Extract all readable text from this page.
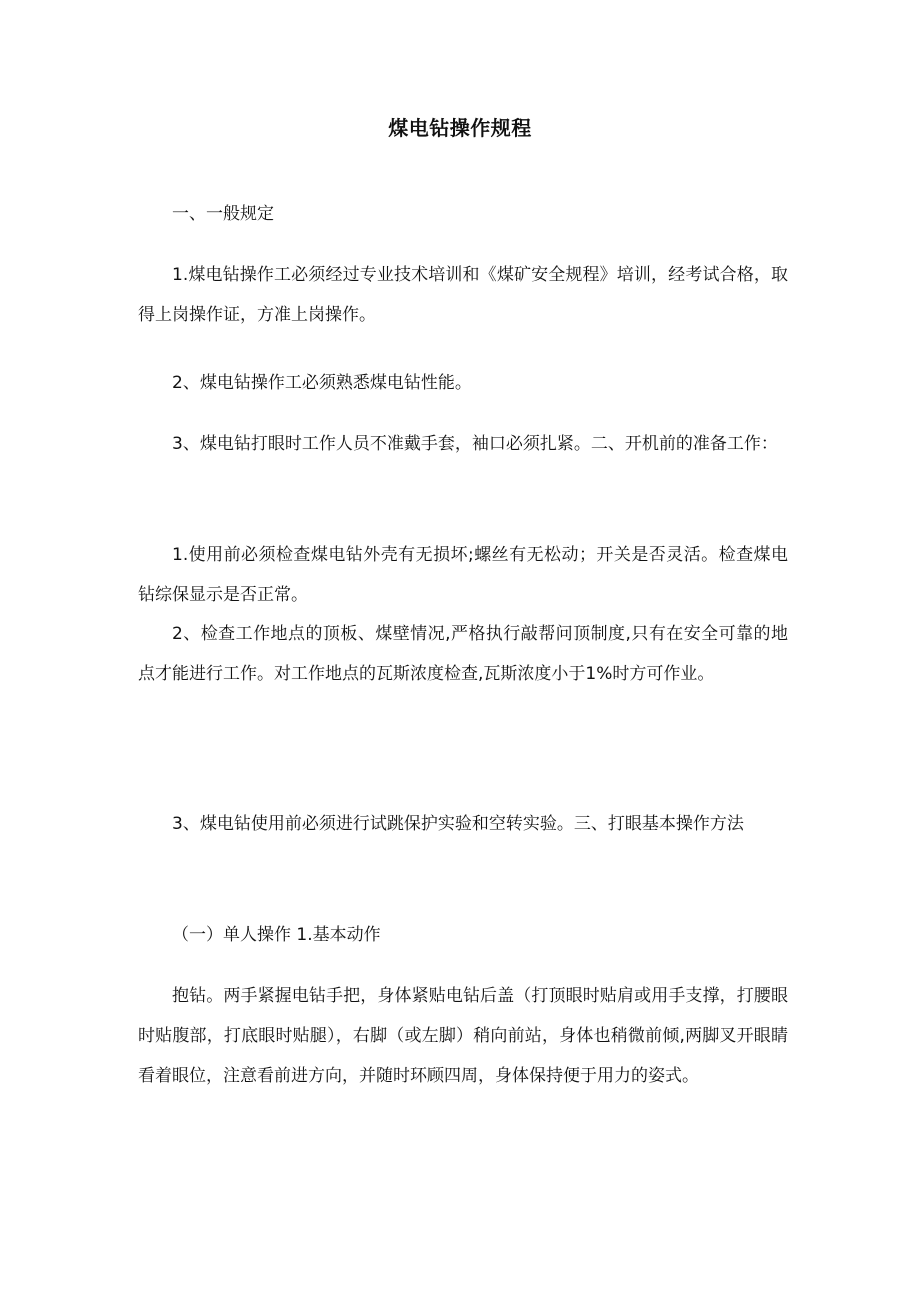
煤电钻操作规程

一、一般规定

1.煤电钻操作工必须经过专业技术培训和《煤矿安全规程》培训，经考试合格，取得上岗操作证，方准上岗操作。

2、煤电钻操作工必须熟悉煤电钻性能。

3、煤电钻打眼时工作人员不准戴手套，袖口必须扎紧。二、开机前的准备工作：

1.使用前必须检查煤电钻外壳有无损坏;螺丝有无松动；开关是否灵活。检查煤电钻综保显示是否正常。

2、检查工作地点的顶板、煤壁情况,严格执行敲帮问顶制度,只有在安全可靠的地点才能进行工作。对工作地点的瓦斯浓度检查,瓦斯浓度小于1%时方可作业。

3、煤电钻使用前必须进行试跳保护实验和空转实验。三、打眼基本操作方法

（一）单人操作 1.基本动作

抱钻。两手紧握电钻手把，身体紧贴电钻后盖（打顶眼时贴肩或用手支撑，打腰眼时贴腹部，打底眼时贴腿），右脚（或左脚）稍向前站，身体也稍微前倾,两脚叉开眼睛看着眼位，注意看前进方向，并随时环顾四周，身体保持便于用力的姿式。
